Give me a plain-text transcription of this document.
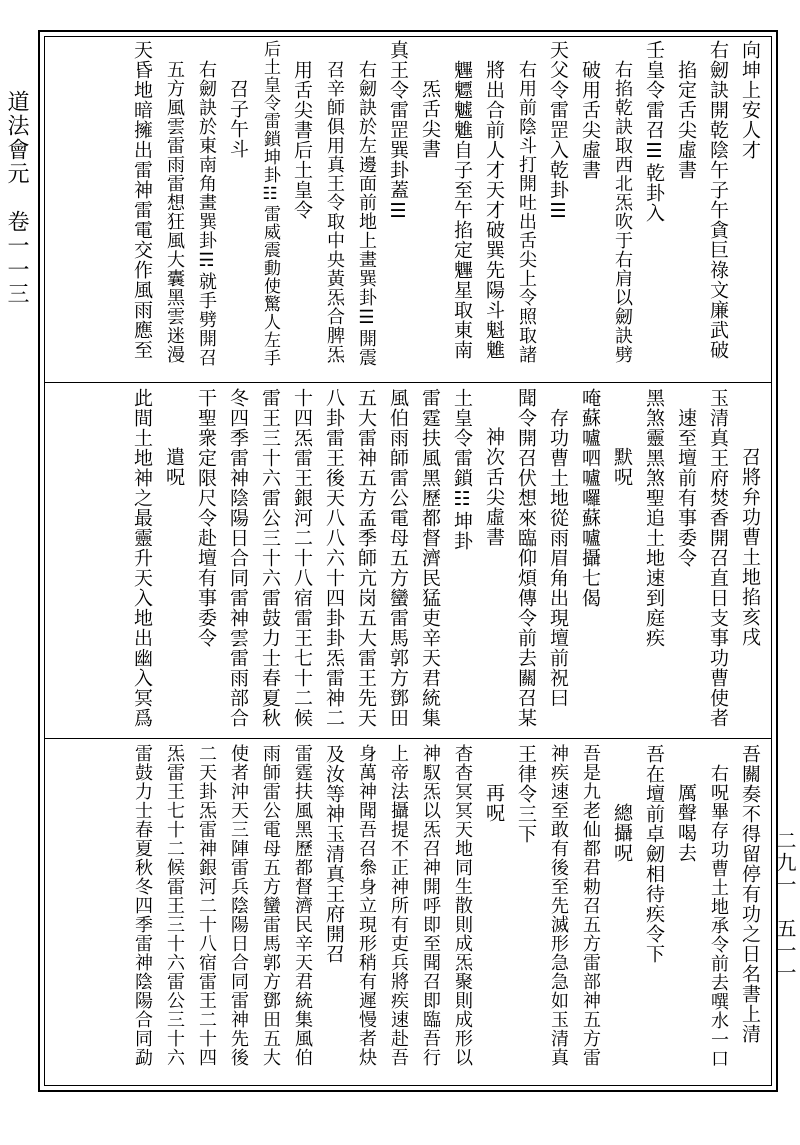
道法會元　卷一一三
二九一　五一一
向坤上安人才
右劒訣開乾陰午子午貪巨祿文廉武破
掐定舌尖虛書
壬皇令雷召☰乾卦入
右掐乾訣取西北炁吹于右肩以劒訣劈
破用舌尖虛書
天父令雷罡入乾卦☰
右用前陰斗打開吐出舌尖上令照取諸
將出合前人才天才破巽先陽斗魁魋
魓魒魖魋自子至午掐定魓星取東南
炁舌尖書
真王令雷罡巽卦蓋☰
右劒訣於左邊面前地上畫巽卦☰開震
召辛師俱用真王令取中央黃炁合脾炁
用舌尖書后土皇令
后土皇令雷鎖坤卦☷雷威震動使驚人左手
召子午斗
右劒訣於東南角畫巽卦☴就手劈開召
五方風雲雷雨雷想狂風大囊黑雲迷漫
天昏地暗擁出雷神雷電交作風雨應至
召將弁功曹土地掐亥戌
玉清真王府焚香開召直日支事功曹使者
速至壇前有事委令
黑煞靈黑煞聖追土地速到庭疾
默呪
唵蘇嚧呬嚧囉蘇嚧攝七偈
存功曹土地從雨眉角出現壇前祝曰
聞令開召伏想來臨仰煩傳令前去關召某
神次舌尖虛書
土皇令雷鎖☷坤卦
雷霆扶風黑歷都督濟民猛吏辛天君統集
風伯雨師雷公電母五方蠻雷馬郭方鄧田
五大雷神五方孟季師亢岗五大雷王先天
八卦雷王後天八八六十四卦卦炁雷神二
十四炁雷王銀河二十八宿雷王七十二候
雷王三十六雷公三十六雷鼓力士春夏秋
冬四季雷神陰陽日合同雷神雲雷雨部合
干聖衆定限尺令赴壇有事委令
遣呪
此間土地神之最靈升天入地出幽入冥爲
吾關奏不得留停有功之日名書上清
右呪畢存功曹土地承令前去噀水一口
厲聲喝去
吾在壇前卓劒相待疾令下
總攝呪
吾是九老仙都君勅召五方雷部神五方雷
神疾速至敢有後至先滅形急急如玉清真
王律令三下
再呪
杳杳冥冥天地同生散則成炁聚則成形以
神馭炁以炁召神開呼即至聞召即臨吾行
上帝法攝提不正神所有吏兵將疾速赴吾
身萬神聞吾召叅身立現形稍有遲慢者炔
及汝等神玉清真王府開召
雷霆扶風黑歷都督濟民辛天君統集風伯
雨師雷公電母五方蠻雷馬郭方鄧田五大
使者沖天三陣雷兵陰陽日合同雷神先後
二天卦炁雷神銀河二十八宿雷王二十四
炁雷王七十二候雷王三十六雷公三十六
雷鼓力士春夏秋冬四季雷神陰陽合同勐
